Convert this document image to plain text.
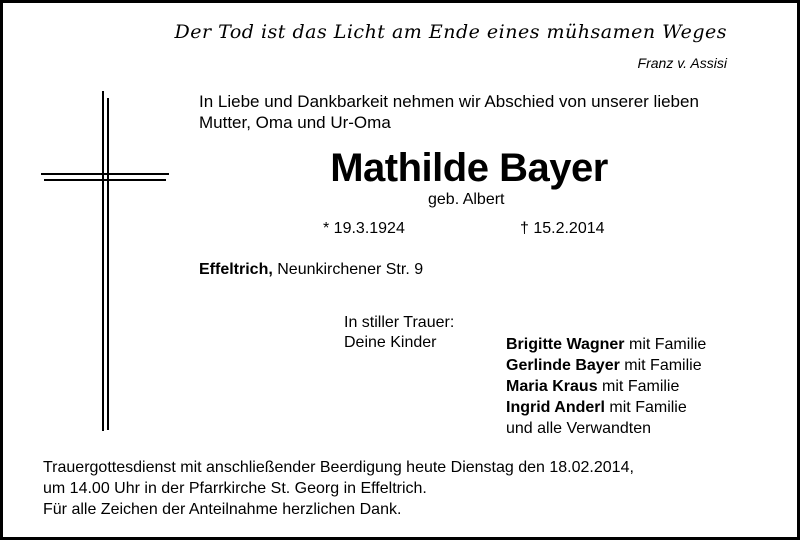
Der Tod ist das Licht am Ende eines mühsamen Weges
Franz v. Assisi
In Liebe und Dankbarkeit nehmen wir Abschied von unserer lieben
Mutter, Oma und Ur-Oma
Mathilde Bayer
geb. Albert
* 19.3.1924	† 15.2.2014
Effeltrich, Neunkirchener Str. 9
In stiller Trauer:
Deine Kinder	Brigitte Wagner mit Familie
Gerlinde Bayer mit Familie
Maria Kraus mit Familie
Ingrid Anderl mit Familie
und alle Verwandten
Trauergottesdienst mit anschließender Beerdigung heute Dienstag den 18.02.2014,
um 14.00 Uhr in der Pfarrkirche St. Georg in Effeltrich.
Für alle Zeichen der Anteilnahme herzlichen Dank.
